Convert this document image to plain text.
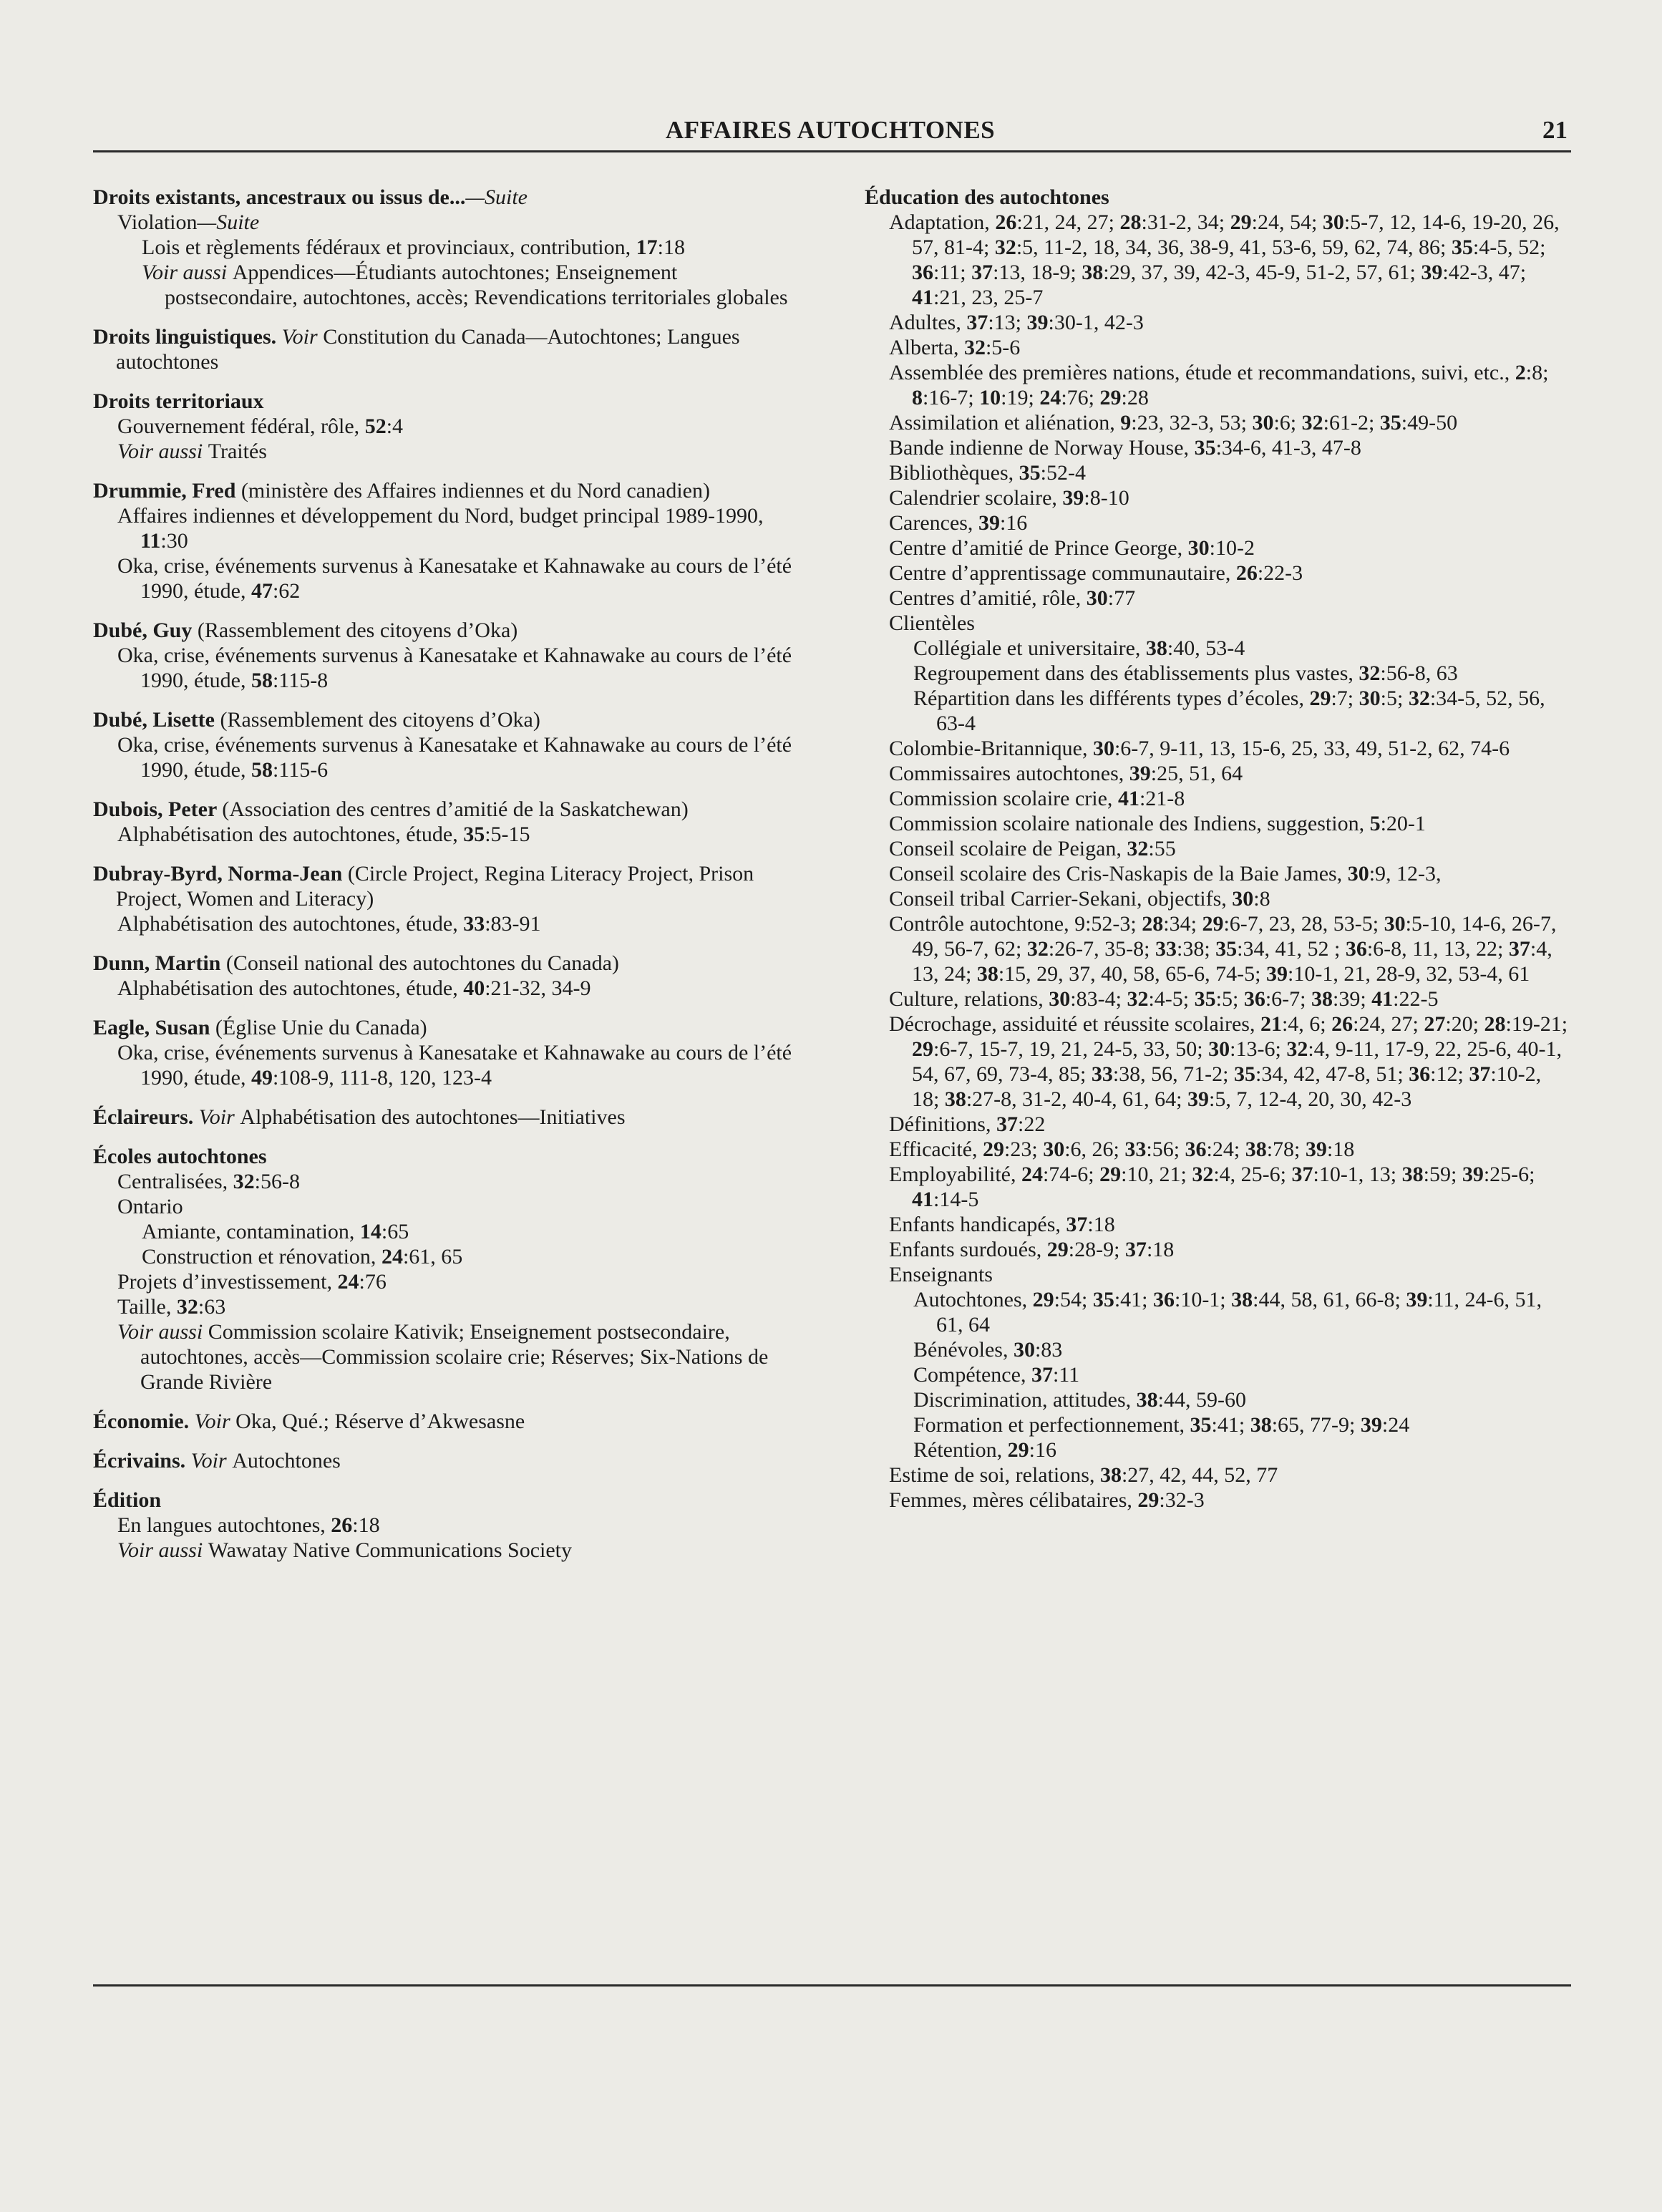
AFFAIRES AUTOCHTONES	21
Droits existants, ancestraux ou issus de...—Suite
Violation—Suite
Lois et règlements fédéraux et provinciaux, contribution, 17:18
Voir aussi Appendices—Étudiants autochtones; Enseignement postsecondaire, autochtones, accès; Revendications territoriales globales
Droits linguistiques. Voir Constitution du Canada—Autochtones; Langues autochtones
Droits territoriaux
Gouvernement fédéral, rôle, 52:4
Voir aussi Traités
Drummie, Fred (ministère des Affaires indiennes et du Nord canadien)
Affaires indiennes et développement du Nord, budget principal 1989-1990, 11:30
Oka, crise, événements survenus à Kanesatake et Kahnawake au cours de l’été 1990, étude, 47:62
Dubé, Guy (Rassemblement des citoyens d’Oka)
Oka, crise, événements survenus à Kanesatake et Kahnawake au cours de l’été 1990, étude, 58:115-8
Dubé, Lisette (Rassemblement des citoyens d’Oka)
Oka, crise, événements survenus à Kanesatake et Kahnawake au cours de l’été 1990, étude, 58:115-6
Dubois, Peter (Association des centres d’amitié de la Saskatchewan)
Alphabétisation des autochtones, étude, 35:5-15
Dubray-Byrd, Norma-Jean (Circle Project, Regina Literacy Project, Prison Project, Women and Literacy)
Alphabétisation des autochtones, étude, 33:83-91
Dunn, Martin (Conseil national des autochtones du Canada)
Alphabétisation des autochtones, étude, 40:21-32, 34-9
Eagle, Susan (Église Unie du Canada)
Oka, crise, événements survenus à Kanesatake et Kahnawake au cours de l’été 1990, étude, 49:108-9, 111-8, 120, 123-4
Éclaireurs. Voir Alphabétisation des autochtones—Initiatives
Écoles autochtones
Centralisées, 32:56-8
Ontario
Amiante, contamination, 14:65
Construction et rénovation, 24:61, 65
Projets d’investissement, 24:76
Taille, 32:63
Voir aussi Commission scolaire Kativik; Enseignement postsecondaire, autochtones, accès—Commission scolaire crie; Réserves; Six-Nations de Grande Rivière
Économie. Voir Oka, Qué.; Réserve d’Akwesasne
Écrivains. Voir Autochtones
Édition
En langues autochtones, 26:18
Voir aussi Wawatay Native Communications Society
Éducation des autochtones
Adaptation, 26:21, 24, 27; 28:31-2, 34; 29:24, 54; 30:5-7, 12, 14-6, 19-20, 26, 57, 81-4; 32:5, 11-2, 18, 34, 36, 38-9, 41, 53-6, 59, 62, 74, 86; 35:4-5, 52; 36:11; 37:13, 18-9; 38:29, 37, 39, 42-3, 45-9, 51-2, 57, 61; 39:42-3, 47; 41:21, 23, 25-7
Adultes, 37:13; 39:30-1, 42-3
Alberta, 32:5-6
Assemblée des premières nations, étude et recommandations, suivi, etc., 2:8; 8:16-7; 10:19; 24:76; 29:28
Assimilation et aliénation, 9:23, 32-3, 53; 30:6; 32:61-2; 35:49-50
Bande indienne de Norway House, 35:34-6, 41-3, 47-8
Bibliothèques, 35:52-4
Calendrier scolaire, 39:8-10
Carences, 39:16
Centre d’amitié de Prince George, 30:10-2
Centre d’apprentissage communautaire, 26:22-3
Centres d’amitié, rôle, 30:77
Clientèles
Collégiale et universitaire, 38:40, 53-4
Regroupement dans des établissements plus vastes, 32:56-8, 63
Répartition dans les différents types d’écoles, 29:7; 30:5; 32:34-5, 52, 56, 63-4
Colombie-Britannique, 30:6-7, 9-11, 13, 15-6, 25, 33, 49, 51-2, 62, 74-6
Commissaires autochtones, 39:25, 51, 64
Commission scolaire crie, 41:21-8
Commission scolaire nationale des Indiens, suggestion, 5:20-1
Conseil scolaire de Peigan, 32:55
Conseil scolaire des Cris-Naskapis de la Baie James, 30:9, 12-3,
Conseil tribal Carrier-Sekani, objectifs, 30:8
Contrôle autochtone, 9:52-3; 28:34; 29:6-7, 23, 28, 53-5; 30:5-10, 14-6, 26-7, 49, 56-7, 62; 32:26-7, 35-8; 33:38; 35:34, 41, 52 ; 36:6-8, 11, 13, 22; 37:4, 13, 24; 38:15, 29, 37, 40, 58, 65-6, 74-5; 39:10-1, 21, 28-9, 32, 53-4, 61
Culture, relations, 30:83-4; 32:4-5; 35:5; 36:6-7; 38:39; 41:22-5
Décrochage, assiduité et réussite scolaires, 21:4, 6; 26:24, 27; 27:20; 28:19-21; 29:6-7, 15-7, 19, 21, 24-5, 33, 50; 30:13-6; 32:4, 9-11, 17-9, 22, 25-6, 40-1, 54, 67, 69, 73-4, 85; 33:38, 56, 71-2; 35:34, 42, 47-8, 51; 36:12; 37:10-2, 18; 38:27-8, 31-2, 40-4, 61, 64; 39:5, 7, 12-4, 20, 30, 42-3
Définitions, 37:22
Efficacité, 29:23; 30:6, 26; 33:56; 36:24; 38:78; 39:18
Employabilité, 24:74-6; 29:10, 21; 32:4, 25-6; 37:10-1, 13; 38:59; 39:25-6; 41:14-5
Enfants handicapés, 37:18
Enfants surdoués, 29:28-9; 37:18
Enseignants
Autochtones, 29:54; 35:41; 36:10-1; 38:44, 58, 61, 66-8; 39:11, 24-6, 51, 61, 64
Bénévoles, 30:83
Compétence, 37:11
Discrimination, attitudes, 38:44, 59-60
Formation et perfectionnement, 35:41; 38:65, 77-9; 39:24
Rétention, 29:16
Estime de soi, relations, 38:27, 42, 44, 52, 77
Femmes, mères célibataires, 29:32-3
